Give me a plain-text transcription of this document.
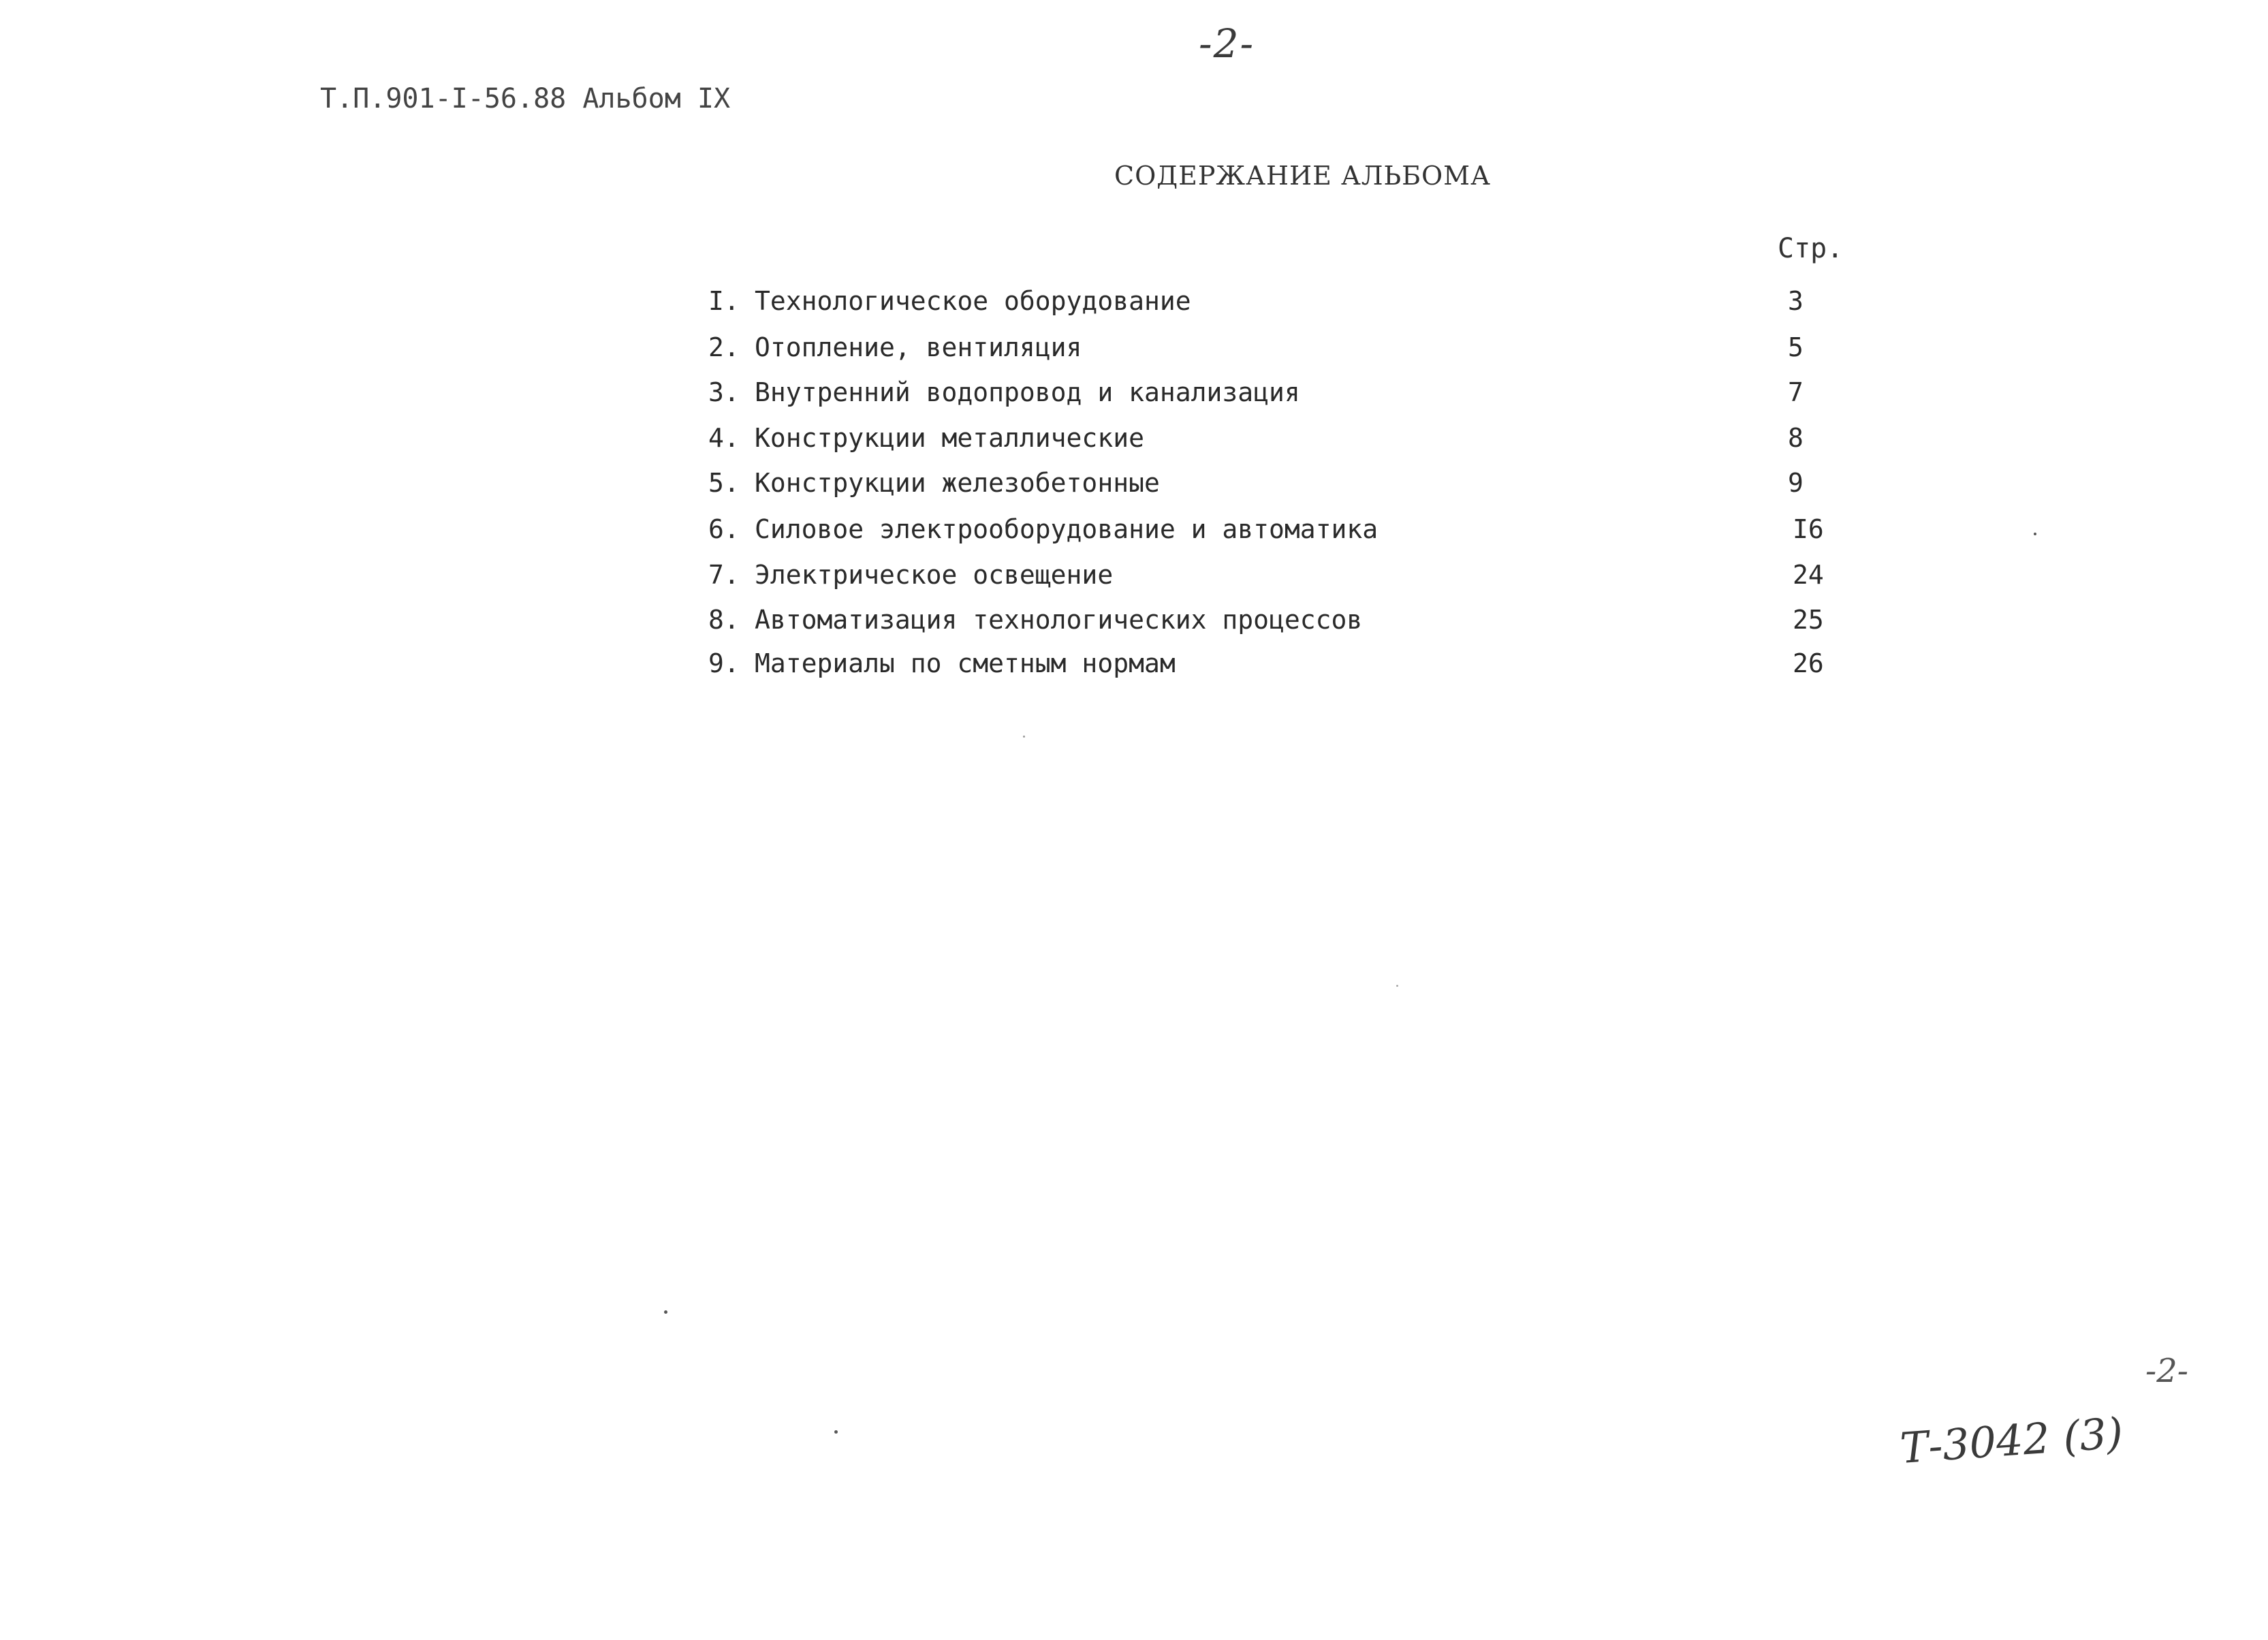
-2-
Т.П.901-I-56.88 Альбом IX
СОДЕРЖАНИЕ АЛЬБОМА
Стр.
I. Технологическое оборудование	3
2. Отопление, вентиляция	5
3. Внутренний водопровод и канализация	7
4. Конструкции металлические	8
5. Конструкции железобетонные	9
6. Силовое электрооборудование и автоматика	I6
7. Электрическое освещение	24
8. Автоматизация технологических процессов	25
9. Материалы по сметным нормам	26
-2-
Т-3042 (3)
